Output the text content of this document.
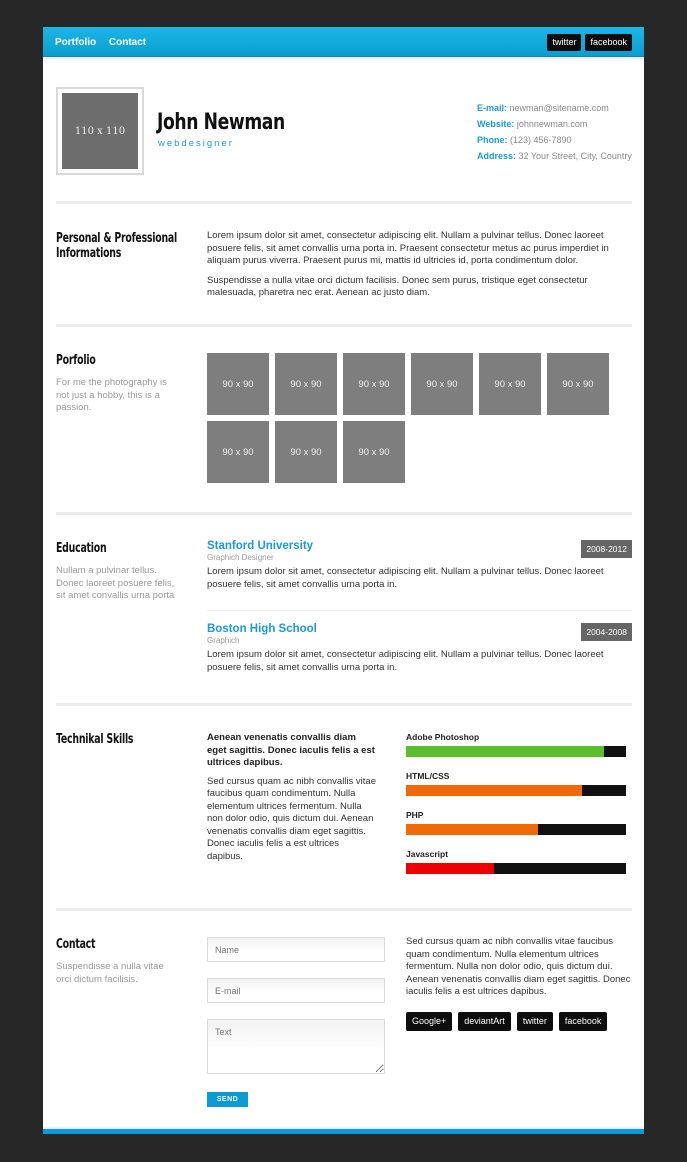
Portfolio Contact	twitter	facebook
110 x 110	John Newman
webdesigner
E-mail: newman@sitename.com
Website: johnnewman.com
Phone: (123) 456-7890
Address: 32 Your Street, City, Country
Personal & Professional
Informations

Lorem ipsum dolor sit amet, consectetur adipiscing elit. Nullam a pulvinar tellus. Donec laoreet posuere felis, sit amet convallis urna porta in. Praesent consectetur metus ac purus imperdiet in aliquam purus viverra. Praesent purus mi, mattis id ultricies id, porta condimentum dolor.

Suspendisse a nulla vitae orci dictum facilisis. Donec sem purus, tristique eget consectetur malesuada, pharetra nec erat. Aenean ac justo diam.

Porfolio
For me the photography is not just a hobby, this is a passion.
90 x 90	90 x 90	90 x 90	90 x 90	90 x 90	90 x 90
90 x 90	90 x 90	90 x 90
Education
Nullam a pulvinar tellus. Donec laoreet posuere felis, sit amet convallis urna porta
Stanford University
Graphich Designer
2008-2012

Lorem ipsum dolor sit amet, consectetur adipiscing elit. Nullam a pulvinar tellus. Donec laoreet posuere felis, sit amet convallis urna porta in.

Boston High School
Graphich
2004-2008

Lorem ipsum dolor sit amet, consectetur adipiscing elit. Nullam a pulvinar tellus. Donec laoreet posuere felis, sit amet convallis urna porta in.

Technikal Skills	Aenean venenatis convallis diam eget sagittis. Donec iaculis felis a est ultrices dapibus.

Sed cursus quam ac nibh convallis vitae faucibus quam condimentum. Nulla elementum ultrices fermentum. Nulla non dolor odio, quis dictum dui. Aenean venenatis convallis diam eget sagittis. Donec iaculis felis a est ultrices dapibus.

Adobe Photoshop
HTML/CSS
PHP
Javascript
Contact
Suspendisse a nulla vitae orci dictum facilisis.
Name
E-mail
Text
SEND

Sed cursus quam ac nibh convallis vitae faucibus quam condimentum. Nulla elementum ultrices fermentum. Nulla non dolor odio, quis dictum dui. Aenean venenatis convallis diam eget sagittis. Donec iaculis felis a est ultrices dapibus.

Google+	deviantArt	twitter	facebook
